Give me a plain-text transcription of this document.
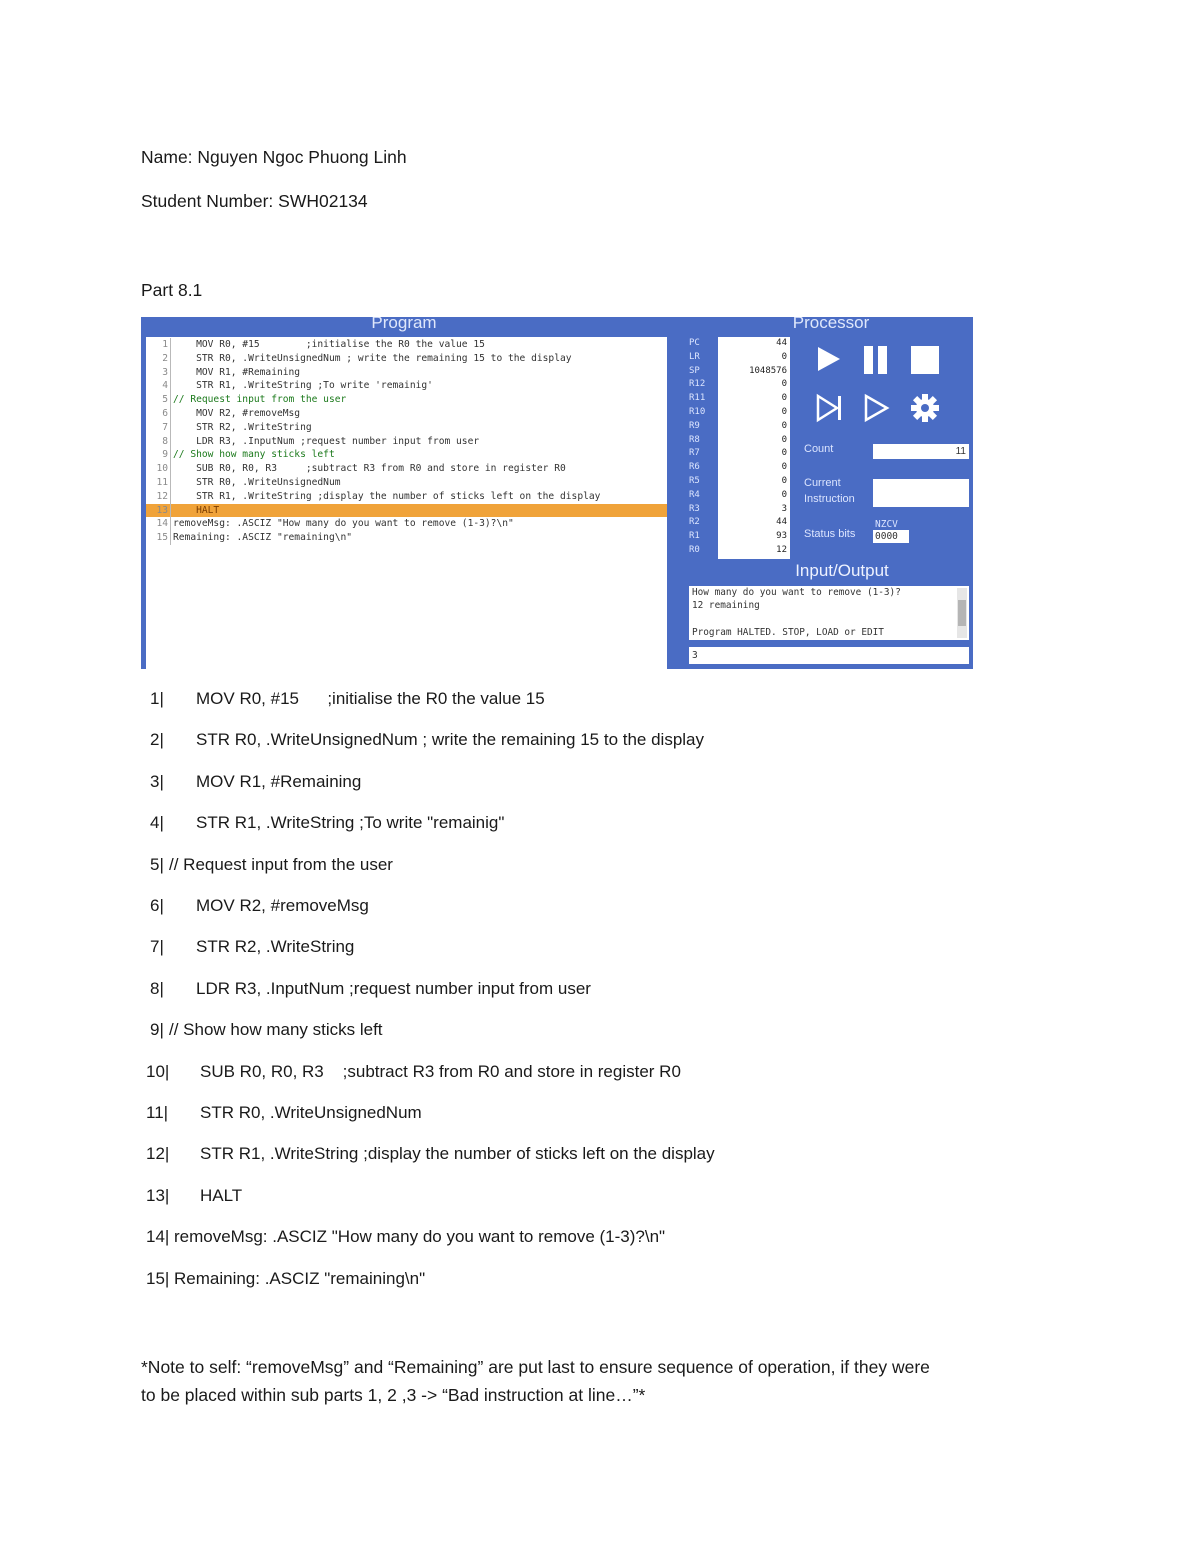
Name: Nguyen Ngoc Phuong Linh
Student Number: SWH02134
Part 8.1
Program	Processor
1    MOV R0, #15        ;initialise the R0 the value 15
2    STR R0, .WriteUnsignedNum ; write the remaining 15 to the display
3    MOV R1, #Remaining
4    STR R1, .WriteString ;To write 'remainig'
5 // Request input from the user
6    MOV R2, #removeMsg
7    STR R2, .WriteString
8    LDR R3, .InputNum ;request number input from user
9 // Show how many sticks left
10    SUB R0, R0, R3     ;subtract R3 from R0 and store in register R0
11    STR R0, .WriteUnsignedNum
12    STR R1, .WriteString ;display the number of sticks left on the display
13    HALT
14 removeMsg: .ASCIZ "How many do you want to remove (1-3)?\n"
15 Remaining: .ASCIZ "remaining\n"
PC
LR
SP
R12
R11
R10
R9
R8
R7
R6
R5
R4
R3
R2
R1
R0
44
0
1048576
0
0
0
0
0
0
0
0
0
3
44
93
12
Count	11
Current
Instruction
Status bits
NZCV
0000
Input/Output
How many do you want to remove (1-3)?
12 remaining
Program HALTED. STOP, LOAD or EDIT
3
1| MOV R0, #15      ;initialise the R0 the value 15
2| STR R0, .WriteUnsignedNum ; write the remaining 15 to the display
3| MOV R1, #Remaining
4| STR R1, .WriteString ;To write "remainig"
5| // Request input from the user
6| MOV R2, #removeMsg
7| STR R2, .WriteString
8| LDR R3, .InputNum ;request number input from user
9| // Show how many sticks left
10| SUB R0, R0, R3    ;subtract R3 from R0 and store in register R0
11| STR R0, .WriteUnsignedNum
12| STR R1, .WriteString ;display the number of sticks left on the display
13| HALT
14| removeMsg: .ASCIZ "How many do you want to remove (1-3)?\n"
15| Remaining: .ASCIZ "remaining\n"
*Note to self: “removeMsg” and “Remaining” are put last to ensure sequence of operation, if they were
to be placed within sub parts 1, 2 ,3 -> “Bad instruction at line…”*
